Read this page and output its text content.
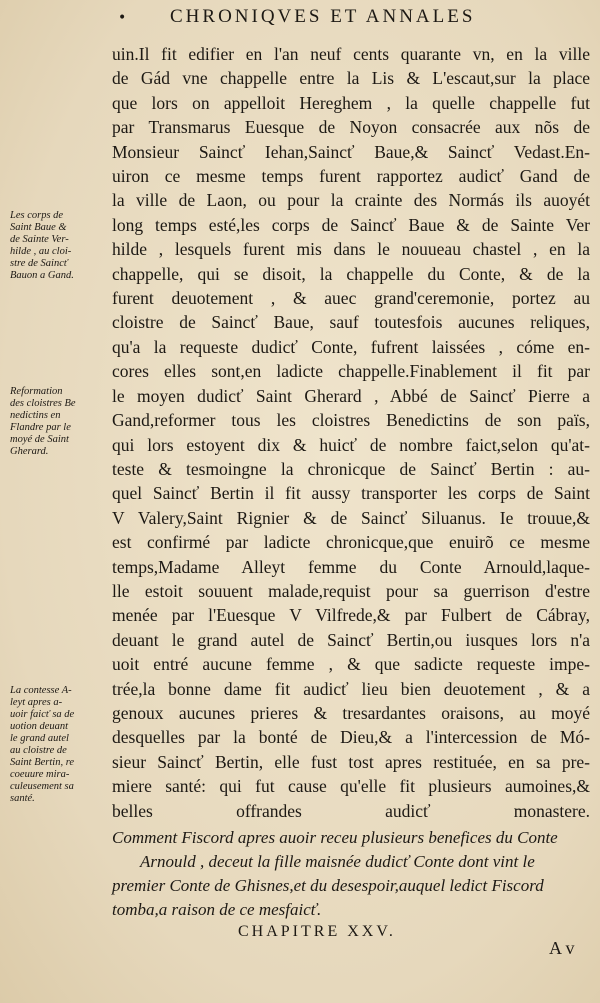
• CHRONIQVES ET ANNALES
uin.Il fit edifier en l'an neuf cents quarante vn, en la ville
de Gád vne chappelle entre la Lis & L'escaut,sur la place
que lors on appelloit Hereghem , la quelle chappelle fut
par Transmarus Euesque de Noyon consacrée aux nõs de
Monsieur Saincť Iehan,Saincť Baue,& Saincť Vedast.En-
uiron ce mesme temps furent rapportez audicť Gand de
la ville de Laon, ou pour la crainte des Normás ils auoyét
long temps esté,les corps de Saincť Baue & de Sainte Ver
hilde , lesquels furent mis dans le nouueau chastel , en la
chappelle, qui se disoit, la chappelle du Conte, & de la
furent deuotement , & auec grand'ceremonie, portez au
cloistre de Saincť Baue, sauf toutesfois aucunes reliques,
qu'a la requeste dudicť Conte, fufrent laissées , cóme en-
cores elles sont,en ladicte chappelle.Finablement il fit par
le moyen dudicť Saint Gherard , Abbé de Saincť Pierre a
Gand,reformer tous les cloistres Benedictins de son païs,
qui lors estoyent dix & huicť de nombre faict,selon qu'at-
teste & tesmoingne la chronicque de Saincť Bertin : au-
quel Saincť Bertin il fit aussy transporter les corps de Saint
V Valery,Saint Rignier & de Saincť Siluanus. Ie trouue,&
est confirmé par ladicte chronicque,que enuirõ ce mesme
temps,Madame Alleyt femme du Conte Arnould,laque-
lle estoit souuent malade,requist pour sa guerrison d'estre
menée par l'Euesque V Vilfrede,& par Fulbert de Cábray,
deuant le grand autel de Saincť Bertin,ou iusques lors n'a
uoit entré aucune femme , & que sadicte requeste impe-
trée,la bonne dame fit audicť lieu bien deuotement , & a
genoux aucunes prieres & tresardantes oraisons, au moyé
desquelles par la bonté de Dieu,& a l'intercession de Mó-
sieur Saincť Bertin, elle fust tost apres restituée, en sa pre-
miere santé: qui fut cause qu'elle fit plusieurs aumoines,&
belles offrandes audicť monastere.
Les corps de
Saint Baue &
de Sainte Ver-
hilde , au cloi-
stre de Saincť
Bauon a Gand.
Reformation
des cloistres Be
nedictins en
Flandre par le
moyé de Saint
Gherard.
La contesse A-
leyt apres a-
uoir faicť sa de
uotion deuant
le grand autel
au cloistre de
Saint Bertin, re
coeuure mira-
culeusement sa
santé.
Comment Fiscord apres auoir receu plusieurs benefices du Conte
Arnould , deceut la fille maisnée dudicť Conte dont vint le
premier Conte de Ghisnes,et du desespoir,auquel ledict Fiscord
tomba,a raison de ce mesfaicť.
CHAPITRE XXV.
A v
